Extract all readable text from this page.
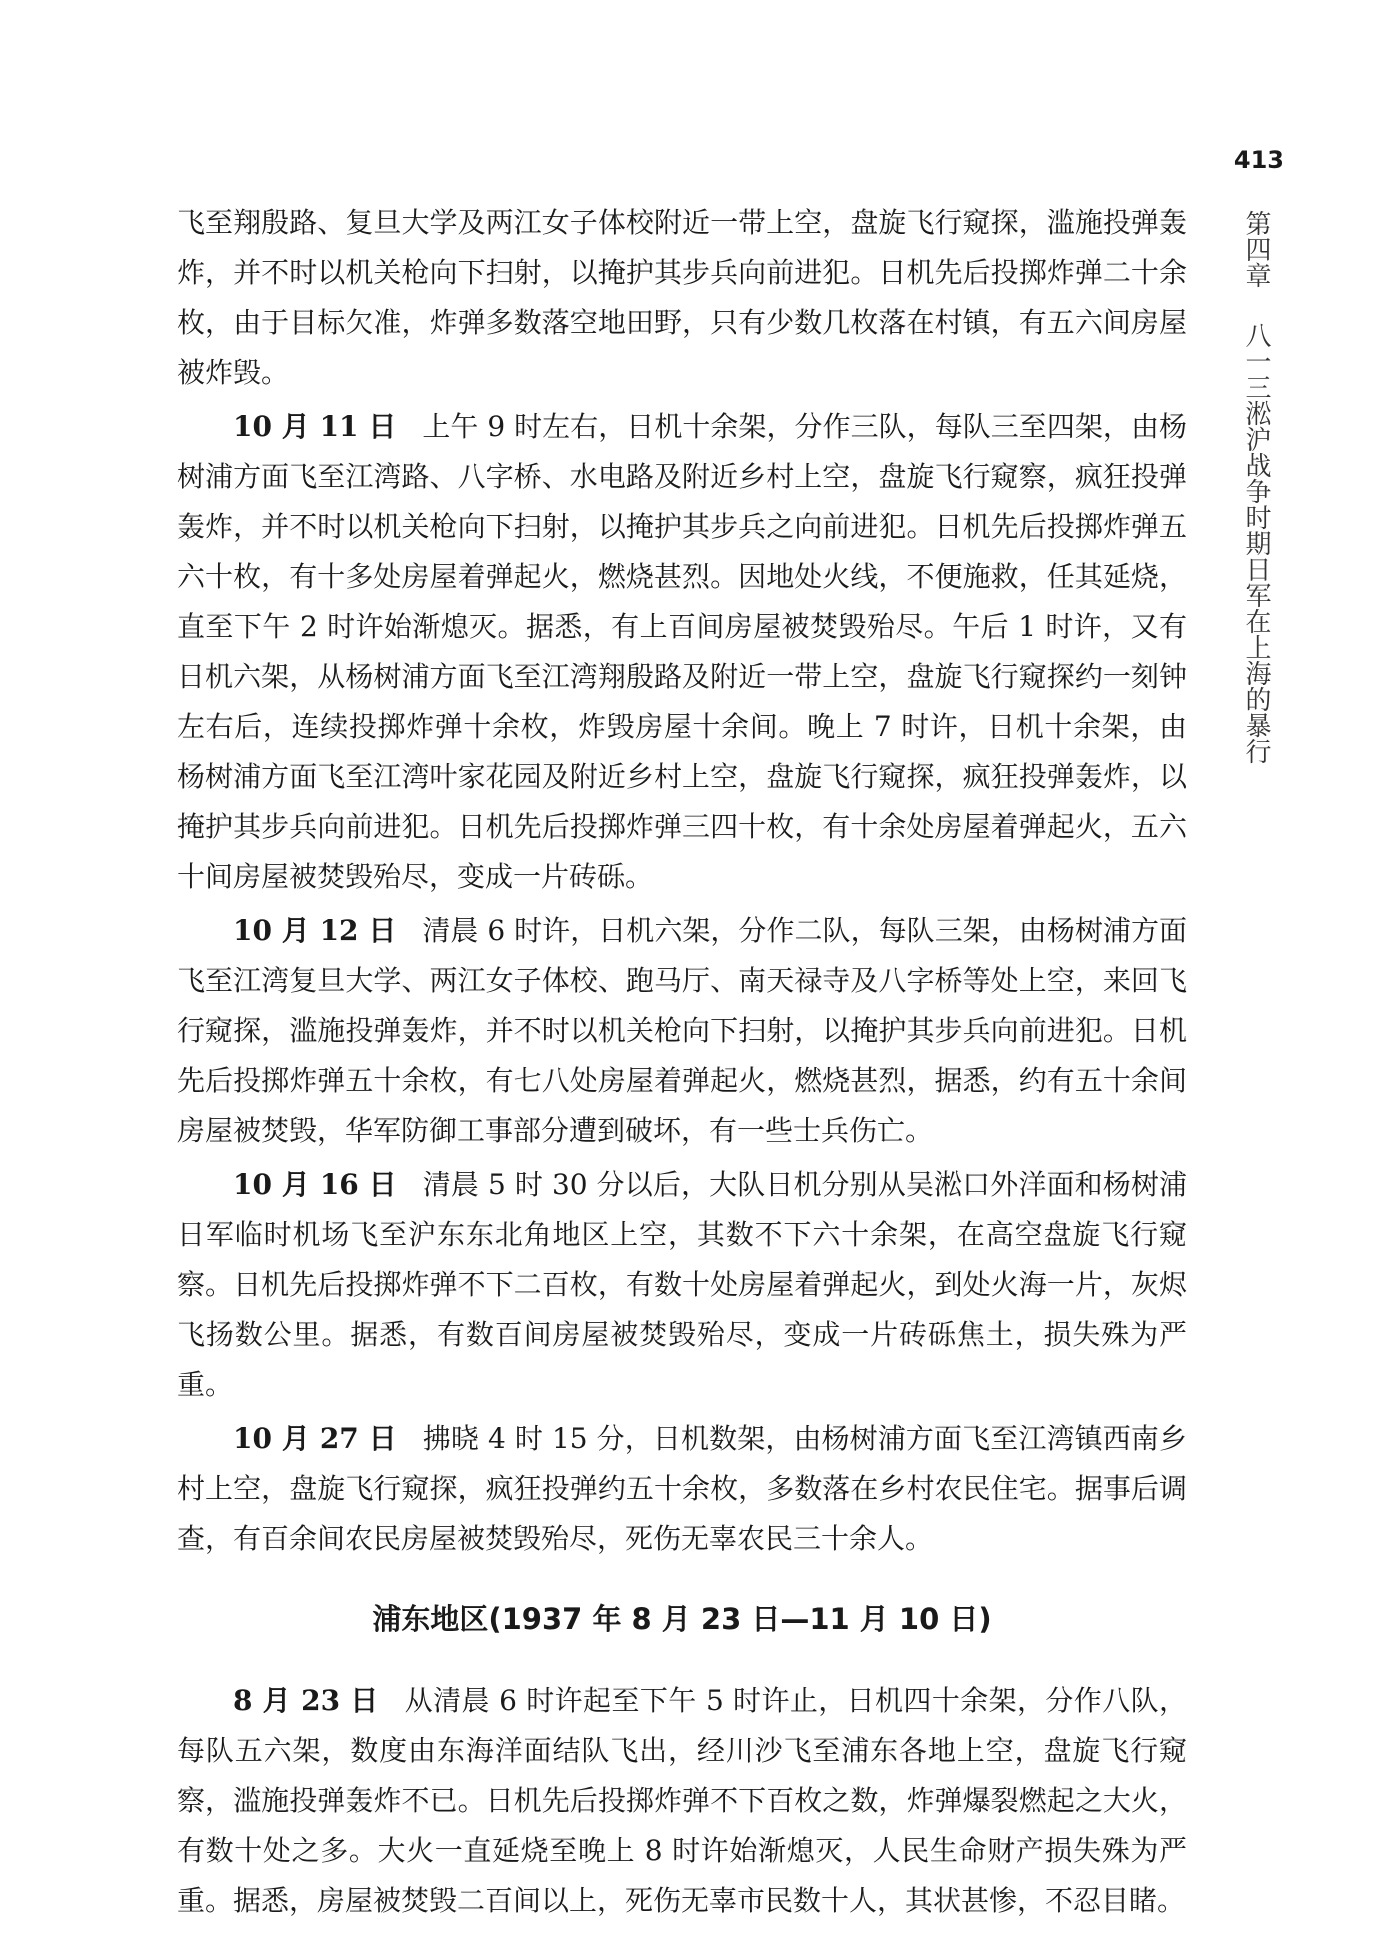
413
第四章八一三淞沪战争时期日军在上海的暴行

飞至翔殷路、复旦大学及两江女子体校附近一带上空，盘旋飞行窥探，滥施投弹轰炸，并不时以机关枪向下扫射，以掩护其步兵向前进犯。日机先后投掷炸弹二十余枚，由于目标欠准，炸弹多数落空地田野，只有少数几枚落在村镇，有五六间房屋被炸毁。

10 月 11 日 上午 9 时左右，日机十余架，分作三队，每队三至四架，由杨树浦方面飞至江湾路、八字桥、水电路及附近乡村上空，盘旋飞行窥察，疯狂投弹轰炸，并不时以机关枪向下扫射，以掩护其步兵之向前进犯。日机先后投掷炸弹五六十枚，有十多处房屋着弹起火，燃烧甚烈。因地处火线，不便施救，任其延烧，直至下午 2 时许始渐熄灭。据悉，有上百间房屋被焚毁殆尽。午后 1 时许，又有日机六架，从杨树浦方面飞至江湾翔殷路及附近一带上空，盘旋飞行窥探约一刻钟左右后，连续投掷炸弹十余枚，炸毁房屋十余间。晚上 7 时许，日机十余架，由杨树浦方面飞至江湾叶家花园及附近乡村上空，盘旋飞行窥探，疯狂投弹轰炸，以掩护其步兵向前进犯。日机先后投掷炸弹三四十枚，有十余处房屋着弹起火，五六十间房屋被焚毁殆尽，变成一片砖砾。

10 月 12 日 清晨 6 时许，日机六架，分作二队，每队三架，由杨树浦方面飞至江湾复旦大学、两江女子体校、跑马厅、南天禄寺及八字桥等处上空，来回飞行窥探，滥施投弹轰炸，并不时以机关枪向下扫射，以掩护其步兵向前进犯。日机先后投掷炸弹五十余枚，有七八处房屋着弹起火，燃烧甚烈，据悉，约有五十余间房屋被焚毁，华军防御工事部分遭到破坏，有一些士兵伤亡。

10 月 16 日 清晨 5 时 30 分以后，大队日机分别从吴淞口外洋面和杨树浦日军临时机场飞至沪东东北角地区上空，其数不下六十余架，在高空盘旋飞行窥察。日机先后投掷炸弹不下二百枚，有数十处房屋着弹起火，到处火海一片，灰烬飞扬数公里。据悉，有数百间房屋被焚毁殆尽，变成一片砖砾焦土，损失殊为严重。

10 月 27 日 拂晓 4 时 15 分，日机数架，由杨树浦方面飞至江湾镇西南乡村上空，盘旋飞行窥探，疯狂投弹约五十余枚，多数落在乡村农民住宅。据事后调查，有百余间农民房屋被焚毁殆尽，死伤无辜农民三十余人。

浦东地区(1937 年 8 月 23 日—11 月 10 日)

8 月 23 日 从清晨 6 时许起至下午 5 时许止，日机四十余架，分作八队，每队五六架，数度由东海洋面结队飞出，经川沙飞至浦东各地上空，盘旋飞行窥察，滥施投弹轰炸不已。日机先后投掷炸弹不下百枚之数，炸弹爆裂燃起之大火，有数十处之多。大火一直延烧至晚上 8 时许始渐熄灭，人民生命财产损失殊为严重。据悉，房屋被焚毁二百间以上，死伤无辜市民数十人，其状甚惨，不忍目睹。
